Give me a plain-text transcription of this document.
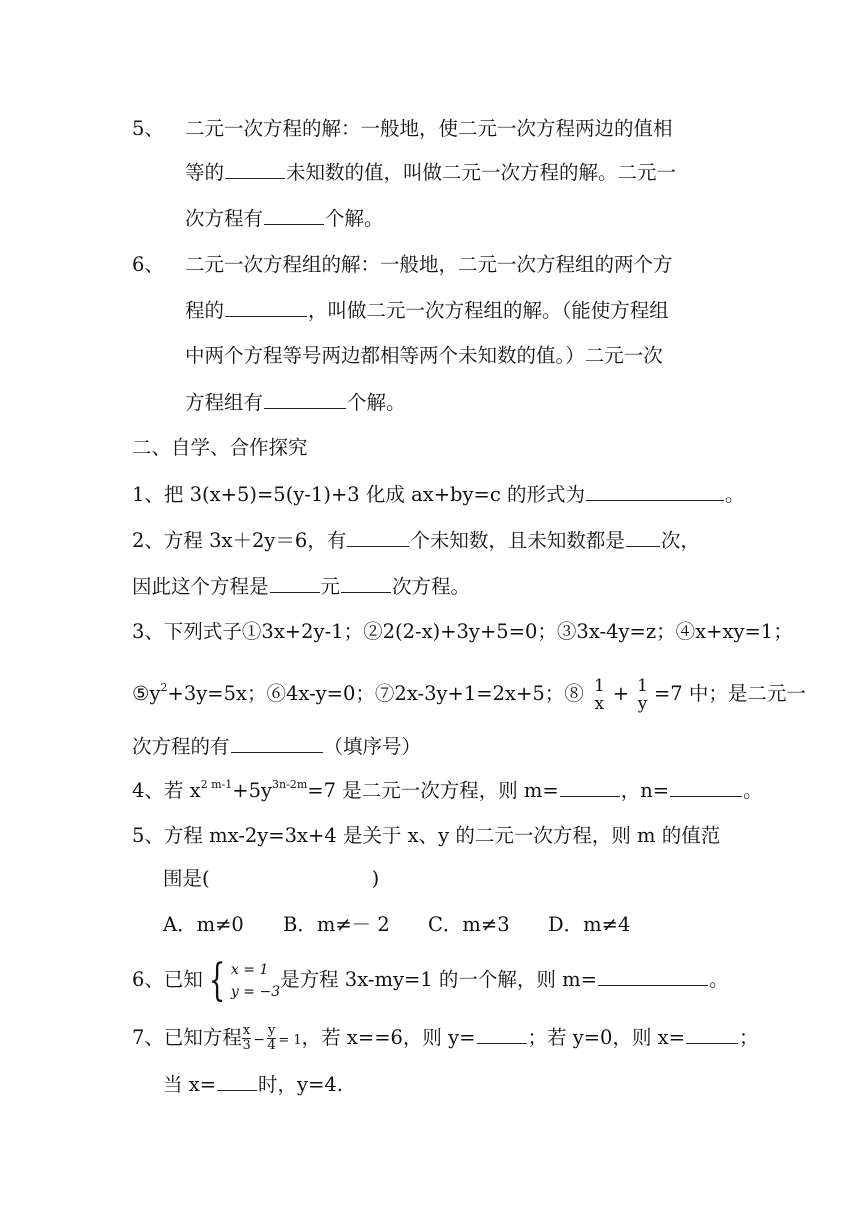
5、 二元一次方程的解：一般地，使二元一次方程两边的值相
等的	未知数的值，叫做二元一次方程的解。二元一
次方程有	个解。
6、 二元一次方程组的解：一般地，二元一次方程组的两个方
程的	，叫做二元一次方程组的解。（能使方程组
中两个方程等号两边都相等两个未知数的值。）二元一次
方程组有	个解。
二、自学、合作探究
1、把 3(x+5)=5(y-1)+3 化成 ax+by=c 的形式为	。
2、方程 3x＋2y＝6，有	个未知数，且未知数都是 次，
因此这个方程是	元	次方程。
3、下列式子①3x+2y-1；②2(2-x)+3y+5=0；③3x-4y=z；④x+xy=1；
$⑤y^2+3y=5x$；⑥4x-y=0；⑦2x-3y+1=2x+5；⑧ 1
x + 1
y =7 中；是二元一
次方程的有	（填序号）
4、若 $x^{2 m-1}+5y^{3n-2m}=7$ 是二元一次方程，则 m=	，n=	。
5、方程 mx-2y=3x+4 是关于 x、y 的二元一次方程，则 m 的值范
围是(	)
A．m≠0 B．m≠－ 2 C．m≠3 D．m≠4
6、已知 { x = 1
y = −3
是方程 3x-my=1 的一个解，则 m=	。
7、已知方程 $\frac{x}{3} - \frac{y}{4} = 1$，若 x==6，则 y=	；若 y=0，则 x=	；
当 x= 时，y=4.
